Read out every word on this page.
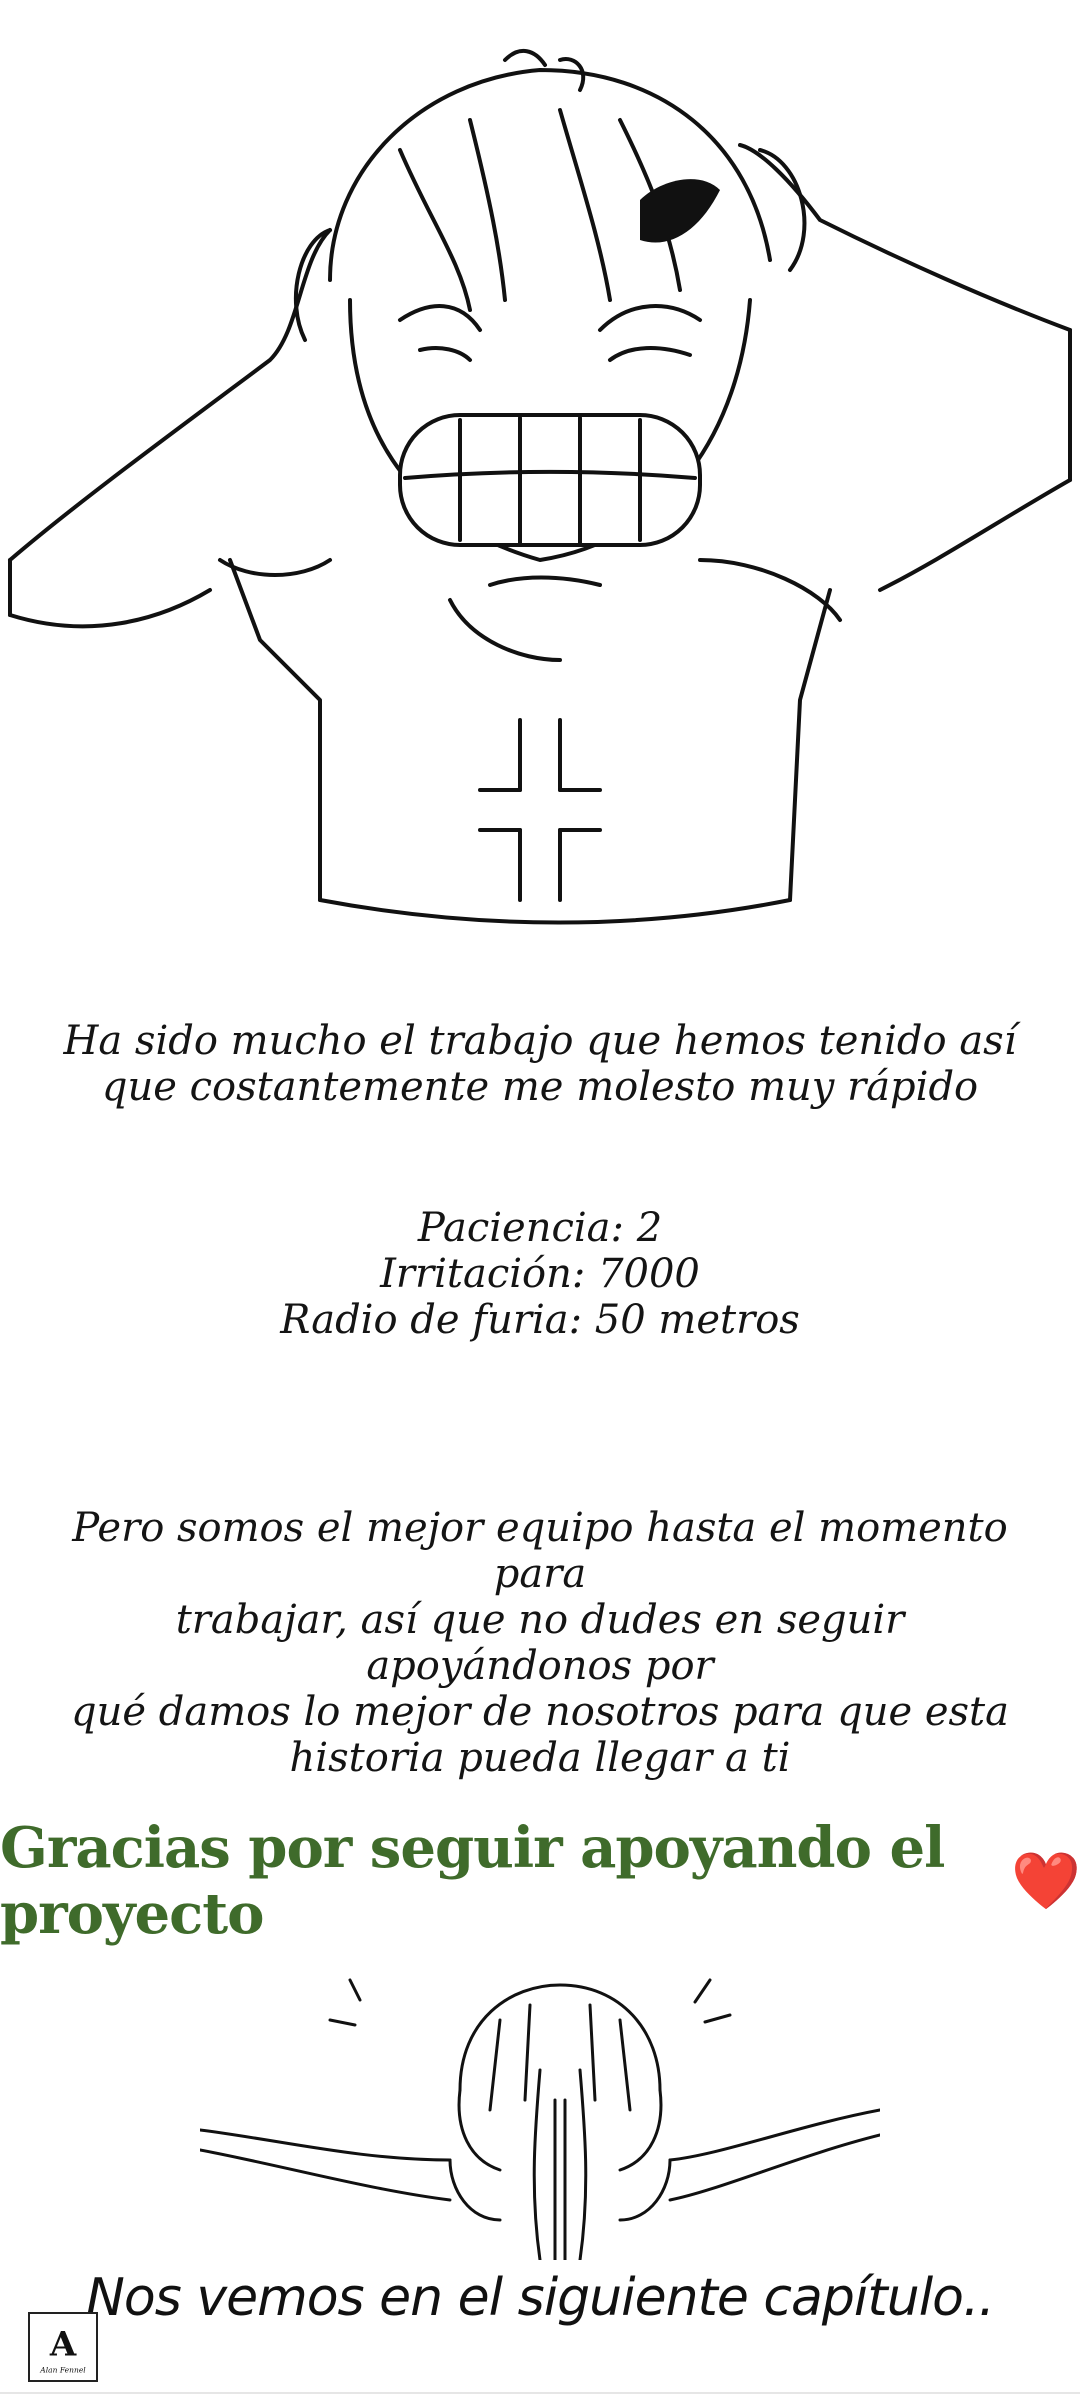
Ha sido mucho el trabajo que hemos tenido así
que costantemente me molesto muy rápido
Paciencia: 2
Irritación: 7000
Radio de furia: 50 metros
Pero somos el mejor equipo hasta el momento para
trabajar, así que no dudes en seguir apoyándonos por
qué damos lo mejor de nosotros para que esta
historia pueda llegar a ti
Gracias por seguir apoyando el proyecto	❤️
Nos vemos en el siguiente capítulo..
A
Alan Fennel
